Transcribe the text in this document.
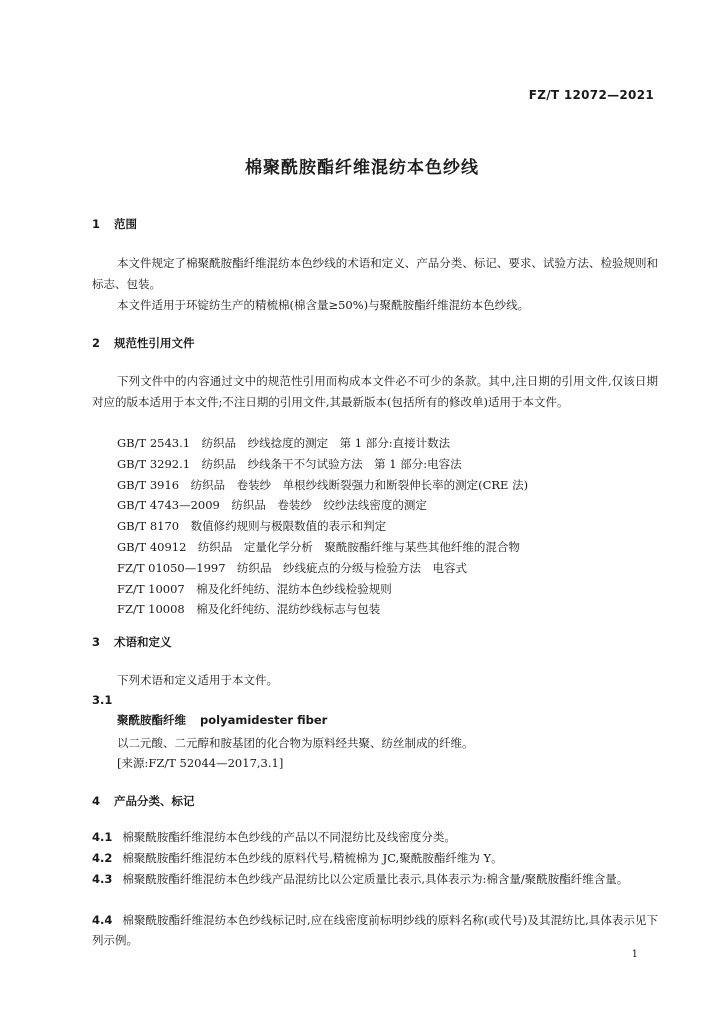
FZ/T 12072—2021
棉聚酰胺酯纤维混纺本色纱线
1 范围
本文件规定了棉聚酰胺酯纤维混纺本色纱线的术语和定义、产品分类、标记、要求、试验方法、检验规则和标志、包装。
本文件适用于环锭纺生产的精梳棉(棉含量≥50%)与聚酰胺酯纤维混纺本色纱线。
2 规范性引用文件
下列文件中的内容通过文中的规范性引用而构成本文件必不可少的条款。其中,注日期的引用文件,仅该日期对应的版本适用于本文件;不注日期的引用文件,其最新版本(包括所有的修改单)适用于本文件。
GB/T 2543.1　纺织品　纱线捻度的测定　第 1 部分:直接计数法
GB/T 3292.1　纺织品　纱线条干不匀试验方法　第 1 部分:电容法
GB/T 3916　纺织品　卷装纱　单根纱线断裂强力和断裂伸长率的测定(CRE 法)
GB/T 4743—2009　纺织品　卷装纱　绞纱法线密度的测定
GB/T 8170　数值修约规则与极限数值的表示和判定
GB/T 40912　纺织品　定量化学分析　聚酰胺酯纤维与某些其他纤维的混合物
FZ/T 01050—1997　纺织品　纱线疵点的分级与检验方法　电容式
FZ/T 10007　棉及化纤纯纺、混纺本色纱线检验规则
FZ/T 10008　棉及化纤纯纺、混纺纱线标志与包装
3 术语和定义
下列术语和定义适用于本文件。
3.1
聚酰胺酯纤维 polyamidester fiber
以二元酸、二元醇和胺基团的化合物为原料经共聚、纺丝制成的纤维。
[来源:FZ/T 52044—2017,3.1]
4 产品分类、标记
4.1 棉聚酰胺酯纤维混纺本色纱线的产品以不同混纺比及线密度分类。
4.2 棉聚酰胺酯纤维混纺本色纱线的原料代号,精梳棉为 JC,聚酰胺酯纤维为 Y。
4.3 棉聚酰胺酯纤维混纺本色纱线产品混纺比以公定质量比表示,具体表示为:棉含量/聚酰胺酯纤维含量。
4.4 棉聚酰胺酯纤维混纺本色纱线标记时,应在线密度前标明纱线的原料名称(或代号)及其混纺比,具体表示见下列示例。
1
